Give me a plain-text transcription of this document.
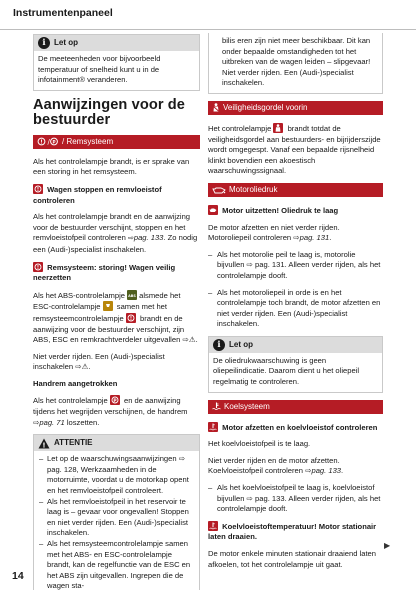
Instrumentenpaneel
i	Let op
De meeteenheden voor bijvoorbeeld temperatuur of snelheid kunt u in de infotainment® veranderen.
Aanwijzingen voor de bestuurder
! / P / Remsysteem

Als het controlelampje brandt, is er sprake van een storing in het remsysteem.

! Wagen stoppen en remvloeistof controleren

Als het controlelampje brandt en de aanwijzing voor de bestuurder verschijnt, stoppen en het remvloeistofpeil controleren ⇨pag. 133. Zo nodig een (Audi-)specialist inschakelen.

! Remsysteem: storing! Wagen veilig neerzetten

Als het ABS-controlelampje ABS alsmede het ESC-controlelampje samen met het remsysteemcontrolelampje ! brandt en de aanwijzing voor de bestuurder verschijnt, zijn ABS, ESC en remkrachtverdeler uitgevallen ⇨⚠.

Niet verder rijden. Een (Audi-)specialist inschakelen ⇨⚠.

Handrem aangetrokken

Als het controlelampje P en de aanwijzing tijdens het wegrijden verschijnen, de handrem ⇨pag. 71 loszetten.

! ATTENTIE
– Let op de waarschuwingsaanwijzingen ⇨ pag. 128, Werkzaamheden in de motorruimte, voordat u de motorkap opent en het remvloeistofpeil controleert.
– Als het remvloeistofpeil in het reservoir te laag is – gevaar voor ongevallen! Stoppen en niet verder rijden. Een (Audi-)specialist inschakelen.
– Als het remsysteemcontrolelampje samen met het ABS- en ESC-controlelampje brandt, kan de regelfunctie van de ESC en het ABS zijn uitgevallen. Ingrepen die de wagen sta-
bilis eren zijn niet meer beschikbaar. Dit kan onder bepaalde omstandigheden tot het uitbreken van de wagen leiden – slipgevaar! Niet verder rijden. Een (Audi-)specialist inschakelen.
Veiligheidsgordel voorin

Het controlelampje brandt totdat de veiligheidsgordel aan bestuurders- en bijrijderszijde wordt omgegespt. Vanaf een bepaalde rijsnelheid klinkt bovendien een akoestisch waarschuwingssignaal.

Motoroliedruk

Motor uitzetten! Oliedruk te laag

De motor afzetten en niet verder rijden. Motoroliepeil controleren ⇨pag. 131.

– Als het motorolie peil te laag is, motorolie bijvullen ⇨ pag. 131. Alleen verder rijden, als het controlelampje dooft.
– Als het motoroliepeil in orde is en het controlelampje toch brandt, de motor afzetten en niet verder rijden. Een (Audi-)specialist inschakelen.
i	Let op
De oliedrukwaarschuwing is geen oliepeilindicatie. Daarom dient u het oliepeil regelmatig te controleren.
Koelsysteem

Motor afzetten en koelvloeistof controleren

Het koelvloeistofpeil is te laag.

Niet verder rijden en de motor afzetten. Koelvloeistofpeil controleren ⇨pag. 133.

– Als het koelvloeistofpeil te laag is, koelvloeistof bijvullen ⇨ pag. 133. Alleen verder rijden, als het controlelampje dooft.

Koelvloeistoftemperatuur! Motor stationair laten draaien.

De motor enkele minuten stationair draaiend laten afkoelen, tot het controlelampje uit gaat.

▶
14
